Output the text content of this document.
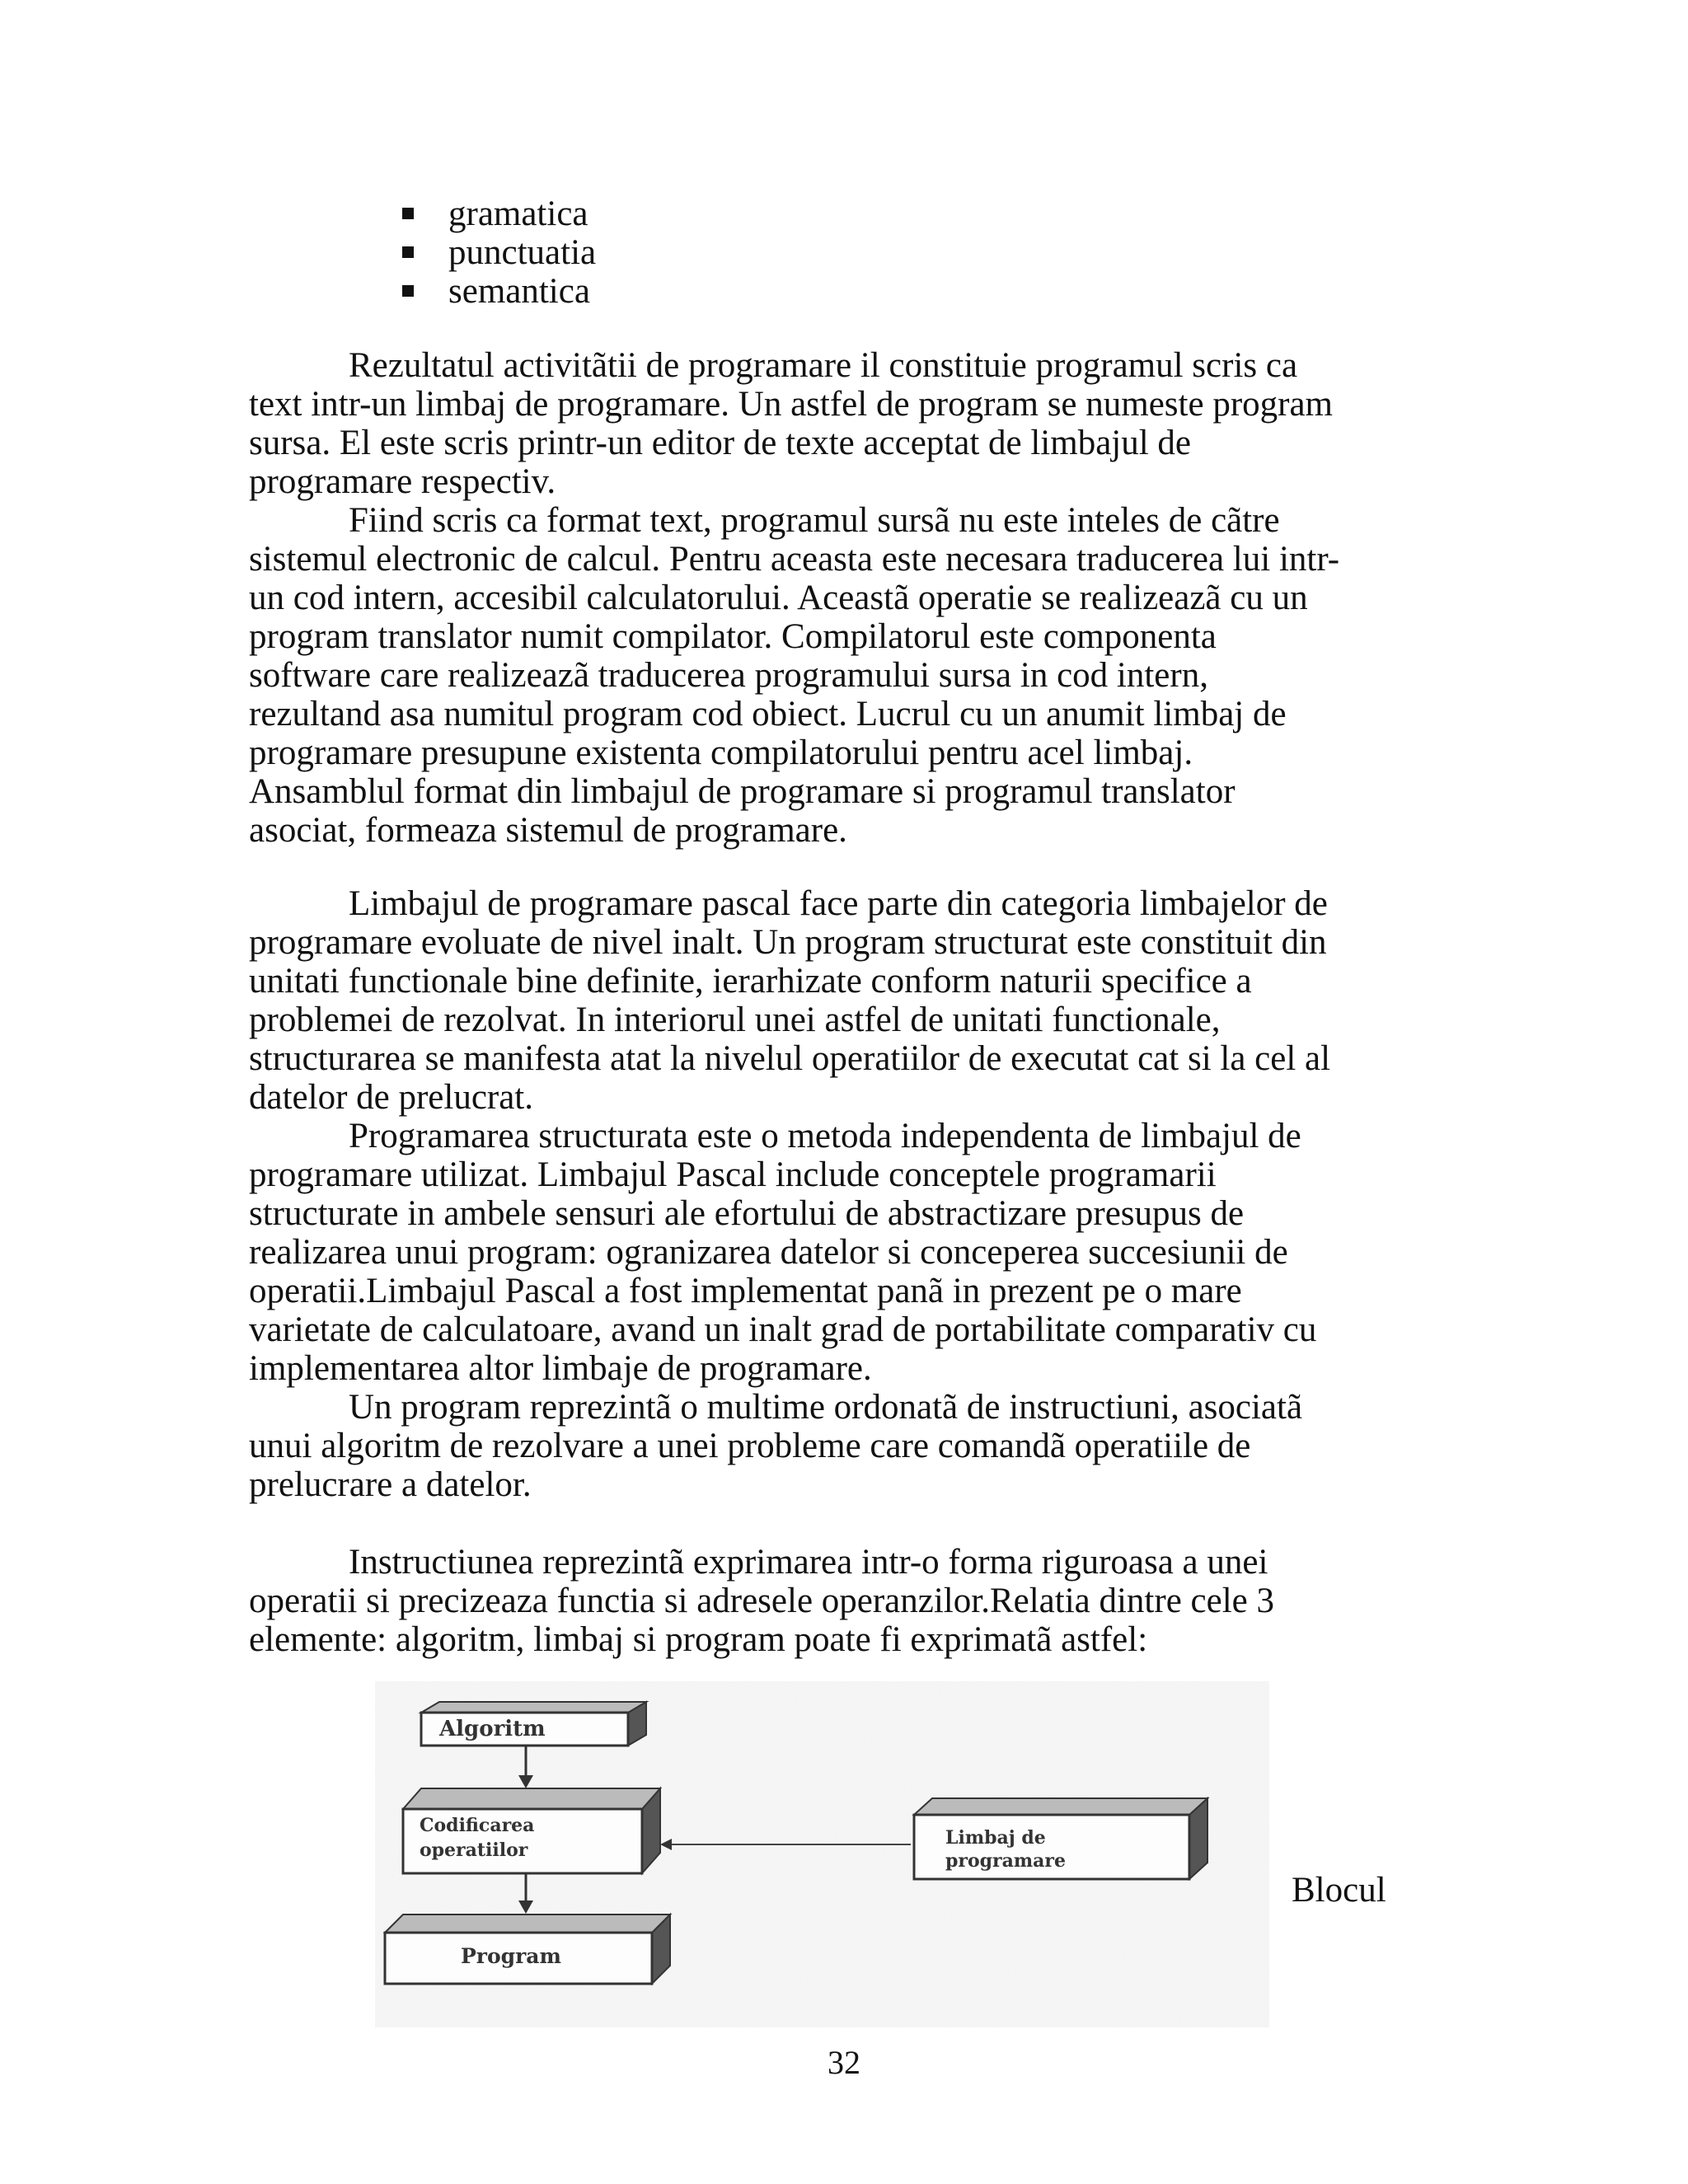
gramatica
punctuatia
semantica

Rezultatul activitãtii de programare il constituie programul scris ca
text intr-un limbaj de programare. Un astfel de program se numeste program
sursa. El este scris printr-un editor de texte acceptat de limbajul de
programare respectiv.

Fiind scris ca format text, programul sursã nu este inteles de cãtre
sistemul electronic de calcul. Pentru aceasta este necesara traducerea lui intr-
un cod intern, accesibil calculatorului. Aceastã operatie se realizeazã cu un
program translator numit compilator. Compilatorul este componenta
software care realizeazã traducerea programului sursa in cod intern,
rezultand asa numitul program cod obiect. Lucrul cu un anumit limbaj de
programare presupune existenta compilatorului pentru acel limbaj.
Ansamblul format din limbajul de programare si programul translator
asociat, formeaza sistemul de programare.

Limbajul de programare pascal face parte din categoria limbajelor de
programare evoluate de nivel inalt. Un program structurat este constituit din
unitati functionale bine definite, ierarhizate conform naturii specifice a
problemei de rezolvat. In interiorul unei astfel de unitati functionale,
structurarea se manifesta atat la nivelul operatiilor de executat cat si la cel al
datelor de prelucrat.

Programarea structurata este o metoda independenta de limbajul de
programare utilizat. Limbajul Pascal include conceptele programarii
structurate in ambele sensuri ale efortului de abstractizare presupus de
realizarea unui program: ogranizarea datelor si conceperea succesiunii de
operatii.Limbajul Pascal a fost implementat panã in prezent pe o mare
varietate de calculatoare, avand un inalt grad de portabilitate comparativ cu
implementarea altor limbaje de programare.

Un program reprezintã o multime ordonatã de instructiuni, asociatã
unui algoritm de rezolvare a unei probleme care comandã operatiile de
prelucrare a datelor.

Instructiunea reprezintã exprimarea intr-o forma riguroasa a unei
operatii si precizeaza functia si adresele operanzilor.Relatia dintre cele 3
elemente: algoritm, limbaj si program poate fi exprimatã astfel:

Algoritm
Codificarea
operatiilor
Program
Limbaj de
programare
Blocul
32
